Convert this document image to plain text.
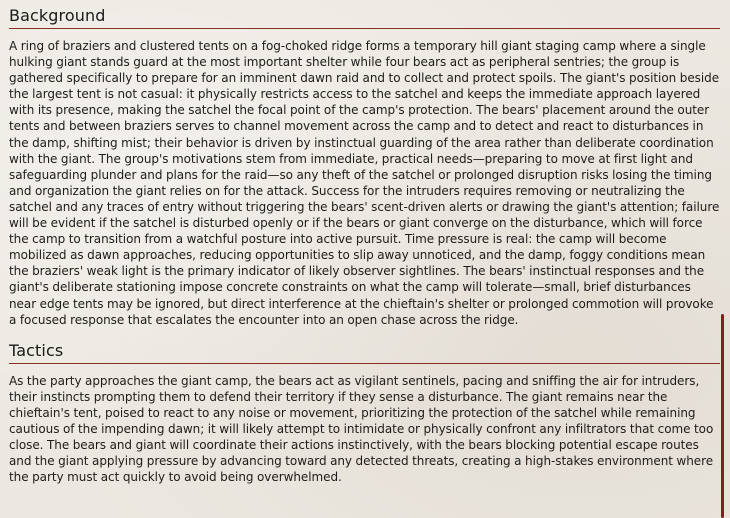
Background

A ring of braziers and clustered tents on a fog-choked ridge forms a temporary hill giant staging camp where a single hulking giant stands guard at the most important shelter while four bears act as peripheral sentries; the group is gathered specifically to prepare for an imminent dawn raid and to collect and protect spoils. The giant's position beside the largest tent is not casual: it physically restricts access to the satchel and keeps the immediate approach layered with its presence, making the satchel the focal point of the camp's protection. The bears' placement around the outer tents and between braziers serves to channel movement across the camp and to detect and react to disturbances in the damp, shifting mist; their behavior is driven by instinctual guarding of the area rather than deliberate coordination with the giant. The group's motivations stem from immediate, practical needs—preparing to move at first light and safeguarding plunder and plans for the raid—so any theft of the satchel or prolonged disruption risks losing the timing and organization the giant relies on for the attack. Success for the intruders requires removing or neutralizing the satchel and any traces of entry without triggering the bears' scent-driven alerts or drawing the giant's attention; failure will be evident if the satchel is disturbed openly or if the bears or giant converge on the disturbance, which will force the camp to transition from a watchful posture into active pursuit. Time pressure is real: the camp will become mobilized as dawn approaches, reducing opportunities to slip away unnoticed, and the damp, foggy conditions mean the braziers' weak light is the primary indicator of likely observer sightlines. The bears' instinctual responses and the giant's deliberate stationing impose concrete constraints on what the camp will tolerate—small, brief disturbances near edge tents may be ignored, but direct interference at the chieftain's shelter or prolonged commotion will provoke a focused response that escalates the encounter into an open chase across the ridge.

Tactics

As the party approaches the giant camp, the bears act as vigilant sentinels, pacing and sniffing the air for intruders, their instincts prompting them to defend their territory if they sense a disturbance. The giant remains near the chieftain's tent, poised to react to any noise or movement, prioritizing the protection of the satchel while remaining cautious of the impending dawn; it will likely attempt to intimidate or physically confront any infiltrators that come too close. The bears and giant will coordinate their actions instinctively, with the bears blocking potential escape routes and the giant applying pressure by advancing toward any detected threats, creating a high-stakes environment where the party must act quickly to avoid being overwhelmed.
